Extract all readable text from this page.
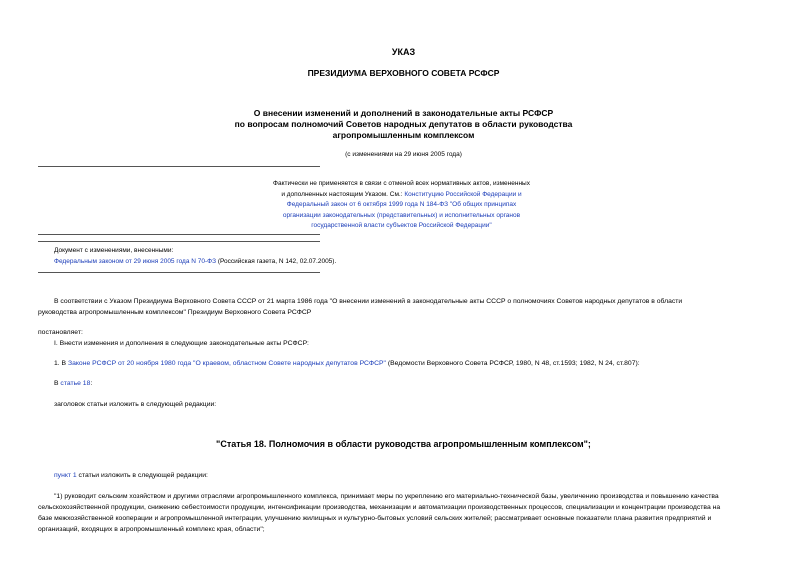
УКАЗ
ПРЕЗИДИУМА ВЕРХОВНОГО СОВЕТА РСФСР
О внесении изменений и дополнений в законодательные акты РСФСР
по вопросам полномочий Советов народных депутатов в области руководства
агропромышленным комплексом
(с изменениями на 29 июня 2005 года)
Фактически не применяется в связи с отменой всех нормативных актов, измененных
и дополненных настоящим Указом. См.: Конституцию Российской Федерации и
Федеральный закон от 6 октября 1999 года N 184-ФЗ "Об общих принципах
организации законодательных (представительных) и исполнительных органов
государственной власти субъектов Российской Федерации"
Документ с изменениями, внесенными:
Федеральным законом от 29 июня 2005 года N 70-ФЗ (Российская газета, N 142, 02.07.2005).
В соответствии с Указом Президиума Верховного Совета СССР от 21 марта 1986 года "О внесении изменений в законодательные акты СССР о полномочиях Советов народных депутатов в области
руководства агропромышленным комплексом" Президиум Верховного Совета РСФСР
постановляет:
I. Внести изменения и дополнения в следующие законодательные акты РСФСР:
1. В Законе РСФСР от 20 ноября 1980 года "О краевом, областном Совете народных депутатов РСФСР" (Ведомости Верховного Совета РСФСР, 1980, N 48, ст.1593; 1982, N 24, ст.807):
В статье 18:
заголовок статьи изложить в следующей редакции:
"Статья 18. Полномочия в области руководства агропромышленным комплексом";
пункт 1 статьи изложить в следующей редакции:
"1) руководит сельским хозяйством и другими отраслями агропромышленного комплекса, принимает меры по укреплению его материально-технической базы, увеличению производства и повышению качества
сельскохозяйственной продукции, снижению себестоимости продукции, интенсификации производства, механизации и автоматизации производственных процессов, специализации и концентрации производства на
базе межхозяйственной кооперации и агропромышленной интеграции, улучшению жилищных и культурно-бытовых условий сельских жителей; рассматривает основные показатели плана развития предприятий и
организаций, входящих в агропромышленный комплекс края, области";
